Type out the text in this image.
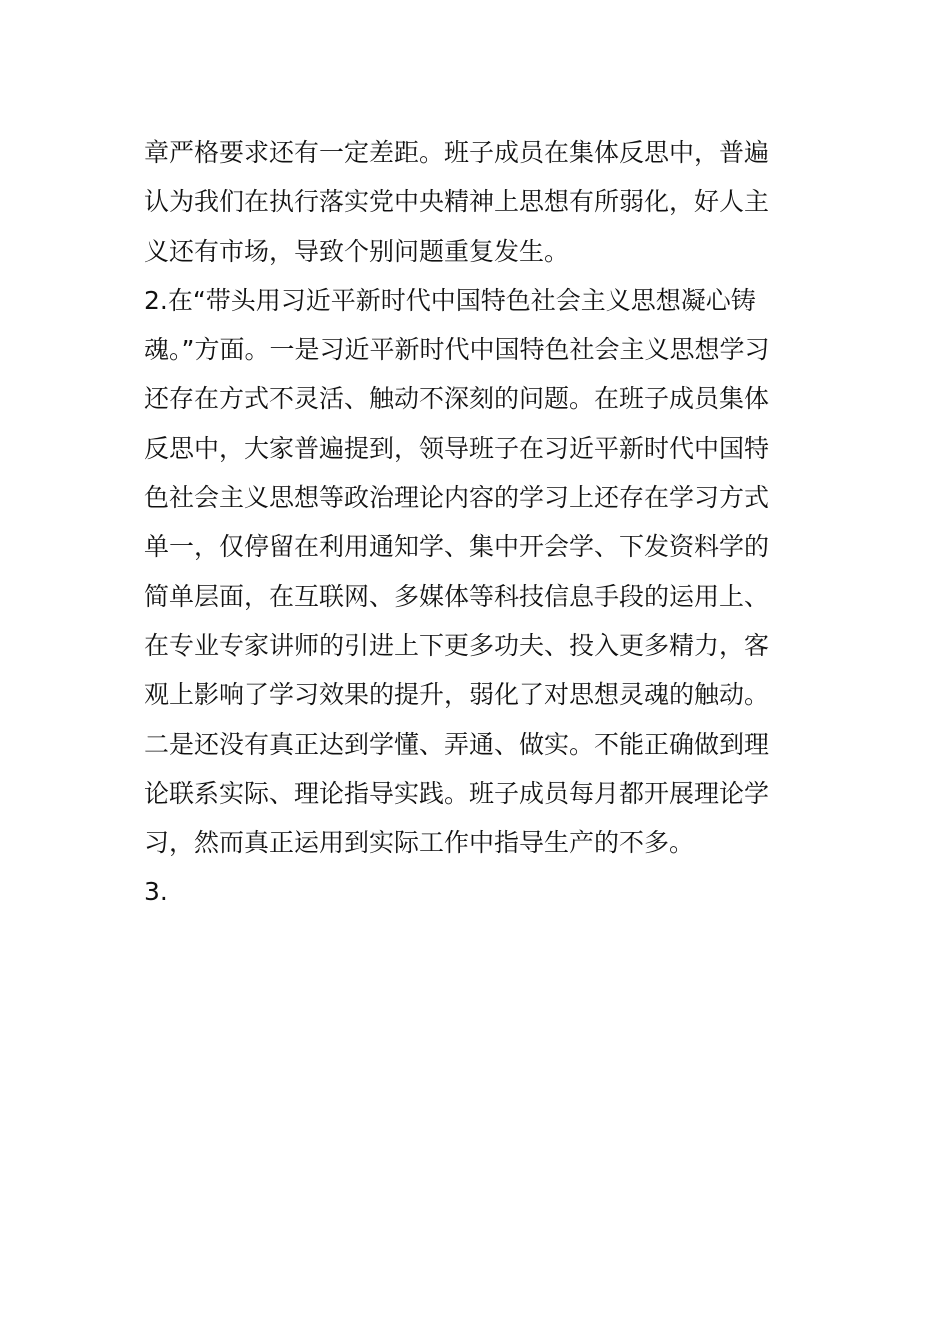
章严格要求还有一定差距。班子成员在集体反思中，普遍
认为我们在执行落实党中央精神上思想有所弱化，好人主
义还有市场，导致个别问题重复发生。
2.在“带头用习近平新时代中国特色社会主义思想凝心铸
魂。”方面。一是习近平新时代中国特色社会主义思想学习
还存在方式不灵活、触动不深刻的问题。在班子成员集体
反思中，大家普遍提到，领导班子在习近平新时代中国特
色社会主义思想等政治理论内容的学习上还存在学习方式
单一，仅停留在利用通知学、集中开会学、下发资料学的
简单层面，在互联网、多媒体等科技信息手段的运用上、
在专业专家讲师的引进上下更多功夫、投入更多精力，客
观上影响了学习效果的提升，弱化了对思想灵魂的触动。
二是还没有真正达到学懂、弄通、做实。不能正确做到理
论联系实际、理论指导实践。班子成员每月都开展理论学
习，然而真正运用到实际工作中指导生产的不多。
3.
